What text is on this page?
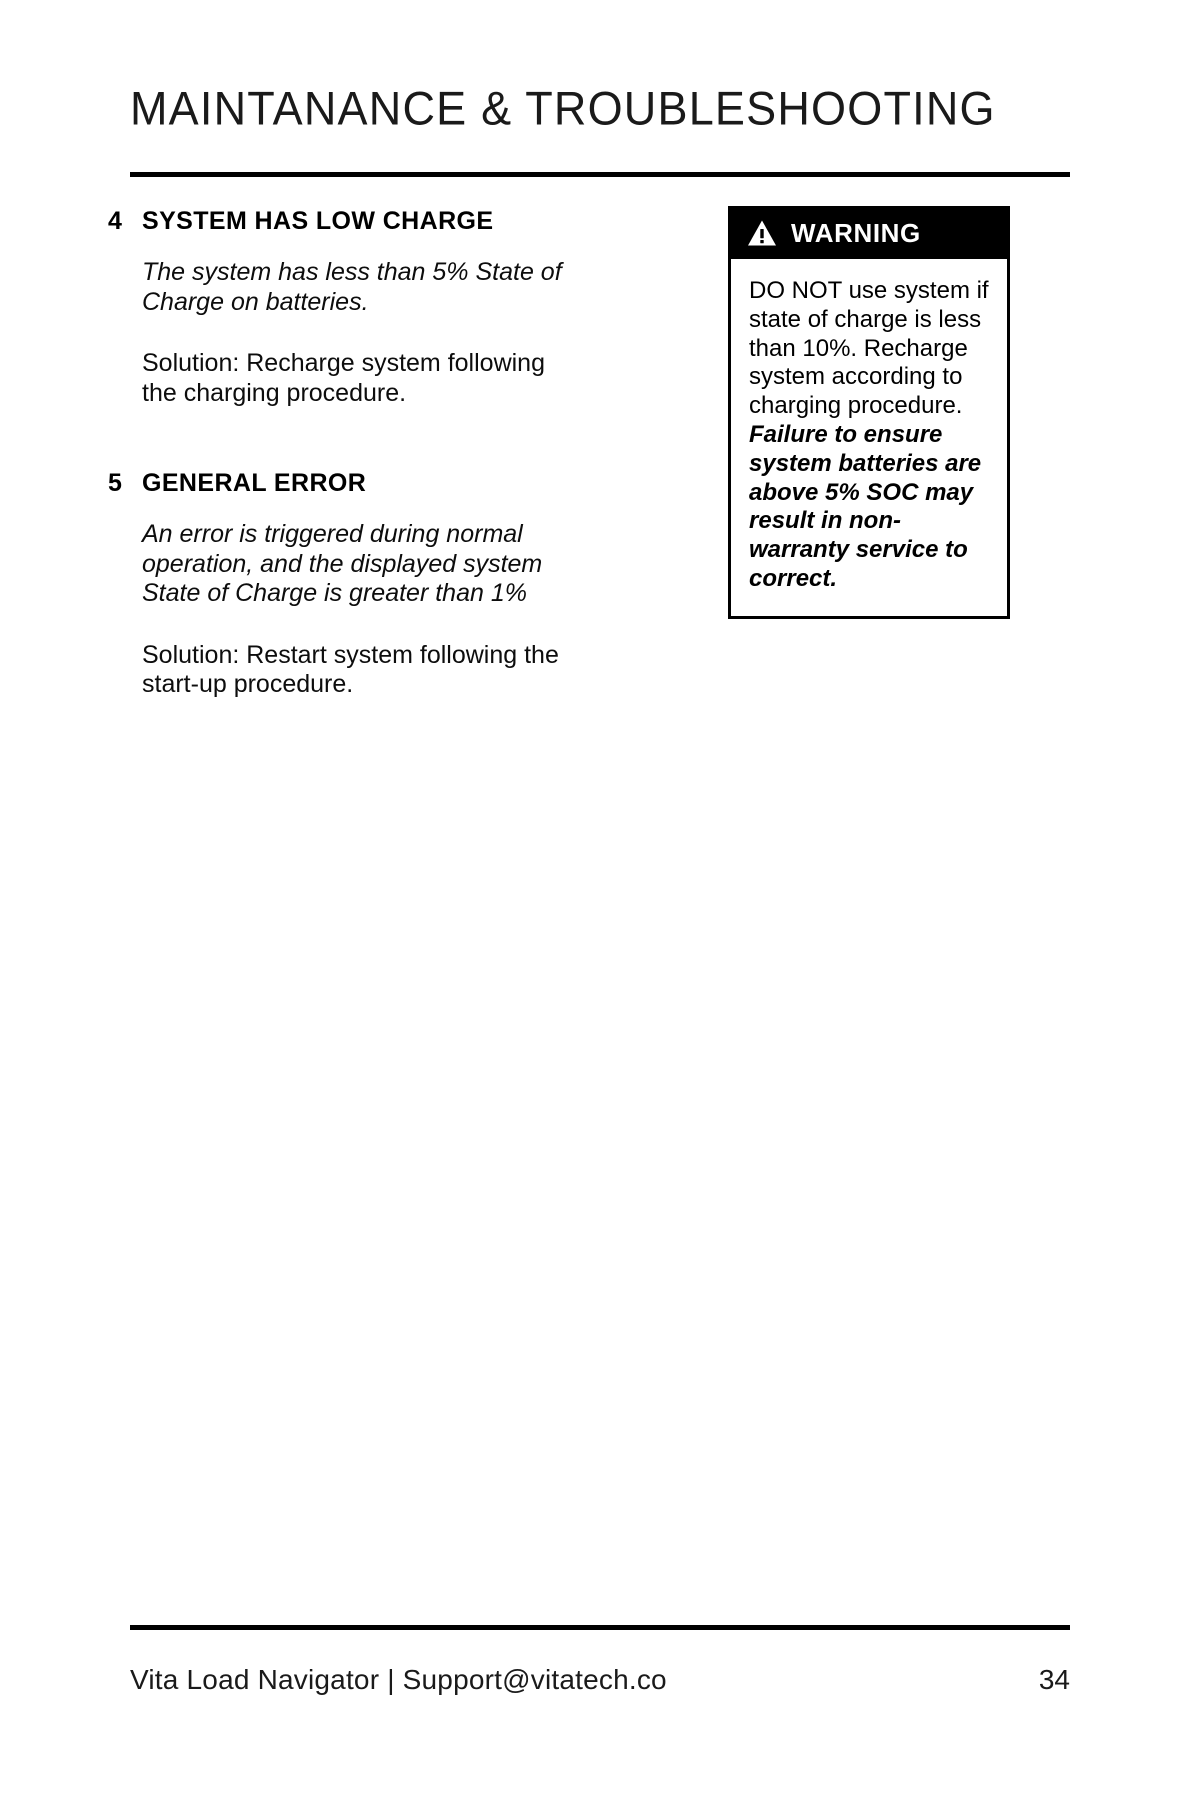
MAINTANANCE & TROUBLESHOOTING
4 SYSTEM HAS LOW CHARGE

The system has less than 5% State of Charge on batteries.

Solution: Recharge system following the charging procedure.

5 GENERAL ERROR

An error is triggered during normal operation, and the displayed system State of Charge is greater than 1%

Solution: Restart system following the start-up procedure.

WARNING

DO NOT use system if state of charge is less than 10%. Recharge system according to charging procedure.

Failure to ensure system batteries are above 5% SOC may result in non-warranty service to correct.

Vita Load Navigator | Support@vitatech.co	34
